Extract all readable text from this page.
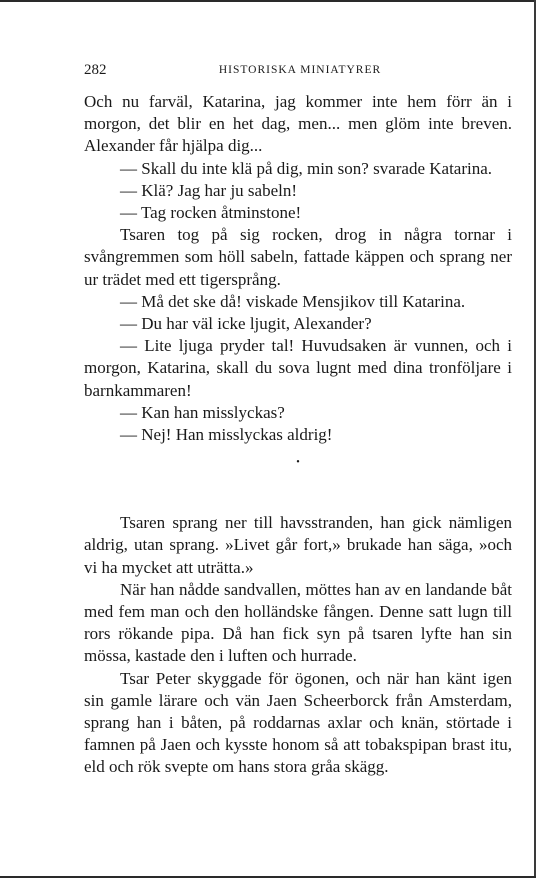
282	HISTORISKA MINIATYRER

Och nu farväl, Katarina, jag kommer inte hem förr än i morgon, det blir en het dag, men... men glöm inte breven. Alexander får hjälpa dig...

— Skall du inte klä på dig, min son? svarade Katarina.

— Klä? Jag har ju sabeln!

— Tag rocken åtminstone!

Tsaren tog på sig rocken, drog in några tornar i svångremmen som höll sabeln, fattade käppen och sprang ner ur trädet med ett tigersprång.

— Må det ske då! viskade Mensjikov till Katarina.

— Du har väl icke ljugit, Alexander?

— Lite ljuga pryder tal! Huvudsaken är vunnen, och i morgon, Katarina, skall du sova lugnt med dina tronföljare i barnkammaren!

— Kan han misslyckas?

— Nej! Han misslyckas aldrig!

•

Tsaren sprang ner till havsstranden, han gick nämligen aldrig, utan sprang. »Livet går fort,» brukade han säga, »och vi ha mycket att uträtta.»

När han nådde sandvallen, möttes han av en landande båt med fem man och den holländske fången. Denne satt lugn till rors rökande pipa. Då han fick syn på tsaren lyfte han sin mössa, kastade den i luften och hurrade.

Tsar Peter skyggade för ögonen, och när han känt igen sin gamle lärare och vän Jaen Scheerborck från Amsterdam, sprang han i båten, på roddarnas axlar och knän, störtade i famnen på Jaen och kysste honom så att tobakspipan brast itu, eld och rök svepte om hans stora gråa skägg.
